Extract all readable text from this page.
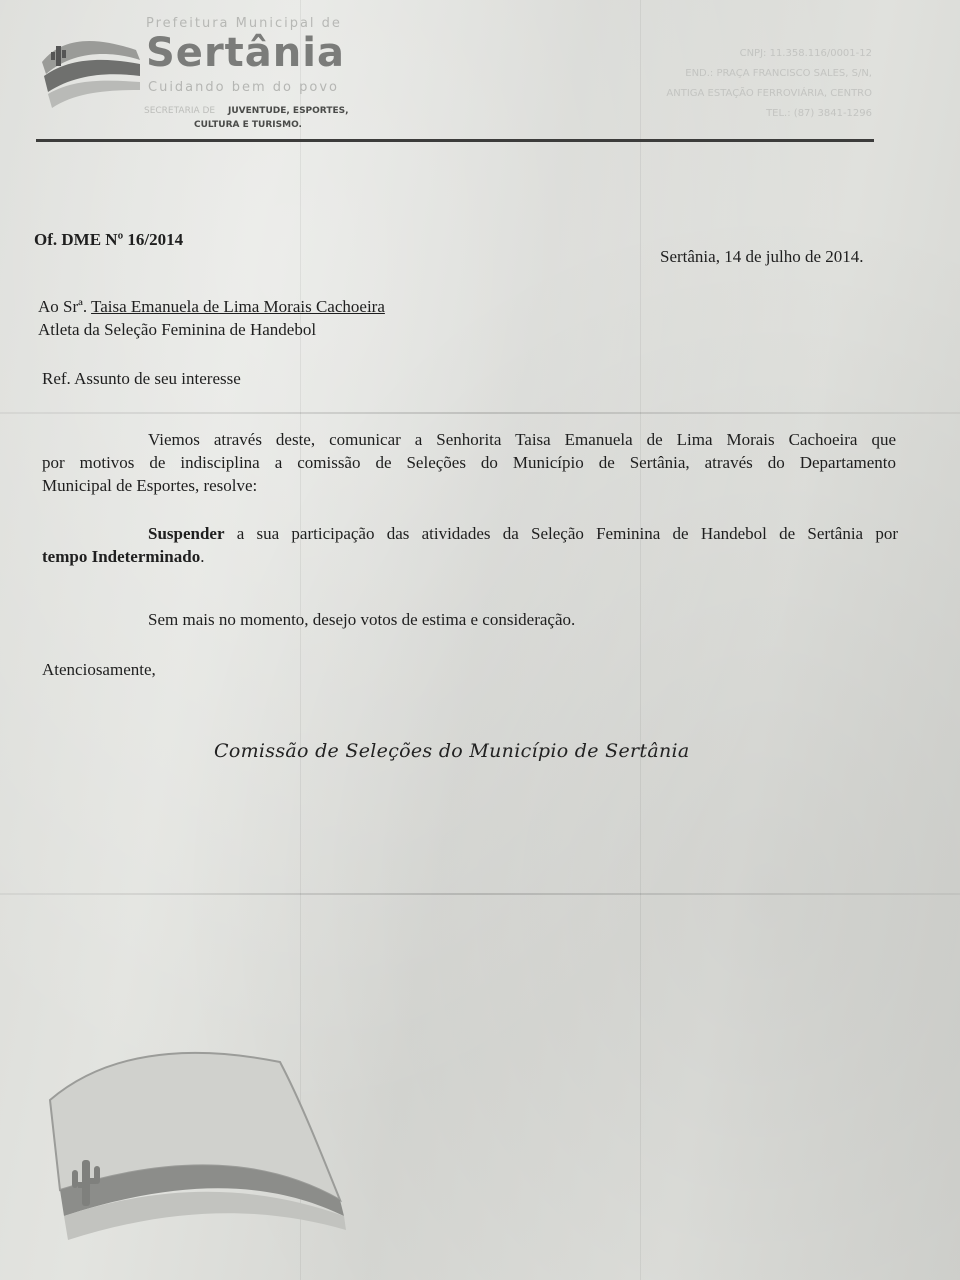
Prefeitura Municipal de
Sertânia
Cuidando bem do povo
SECRETARIA DE JUVENTUDE, ESPORTES,
CULTURA E TURISMO.
CNPJ: 11.358.116/0001-12
END.: PRAÇA FRANCISCO SALES, S/N,
ANTIGA ESTAÇÃO FERROVIÁRIA, CENTRO
TEL.: (87) 3841-1296
Of. DME Nº 16/2014
Sertânia, 14 de julho de 2014.
Ao Srª. Taisa Emanuela de Lima Morais Cachoeira
Atleta da Seleção Feminina de Handebol
Ref. Assunto de seu interesse
Viemos através deste, comunicar a Senhorita Taisa Emanuela de Lima Morais Cachoeira que
por motivos de indisciplina a comissão de Seleções do Município de Sertânia, através do Departamento
Municipal de Esportes, resolve:
Suspender a sua participação das atividades da Seleção Feminina de Handebol de Sertânia por
tempo Indeterminado.
Sem mais no momento, desejo votos de estima e consideração.
Atenciosamente,
Comissão de Seleções do Município de Sertânia
